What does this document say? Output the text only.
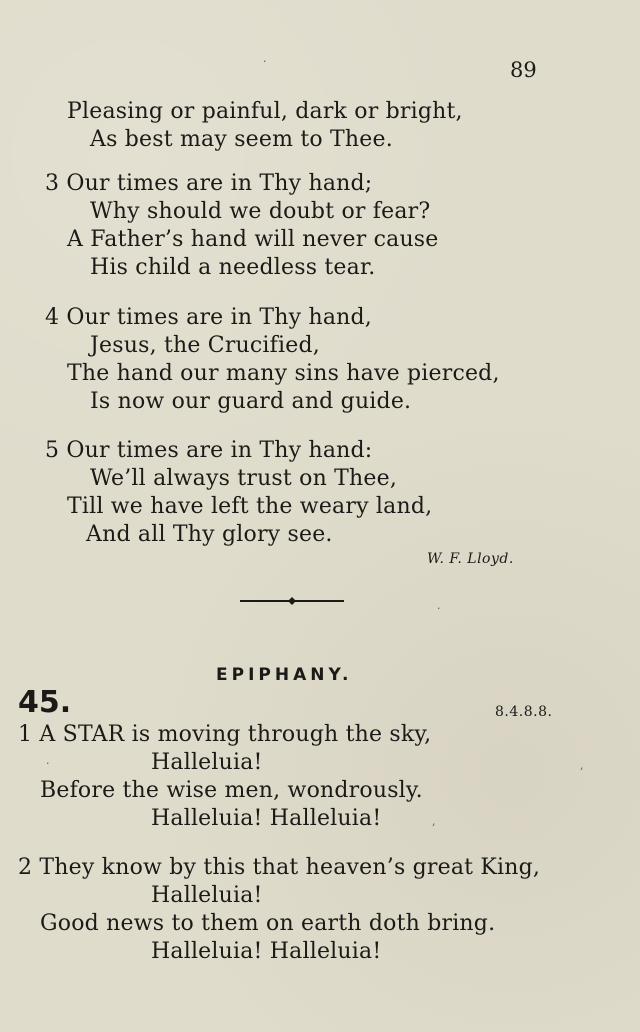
89
Pleasing or painful, dark or bright,
As best may seem to Thee.
3 Our times are in Thy hand;
Why should we doubt or fear?
A Father’s hand will never cause
His child a needless tear.
4 Our times are in Thy hand,
Jesus, the Crucified,
The hand our many sins have pierced,
Is now our guard and guide.
5 Our times are in Thy hand:
We’ll always trust on Thee,
Till we have left the weary land,
And all Thy glory see.
W. F. Lloyd.
EPIPHANY.
45.	8.4.8.8.
1 A STAR is moving through the sky,
Halleluia!
Before the wise men, wondrously.
Halleluia! Halleluia!
2 They know by this that heaven’s great King,
Halleluia!
Good news to them on earth doth bring.
Halleluia! Halleluia!
·
·
·	,
,
